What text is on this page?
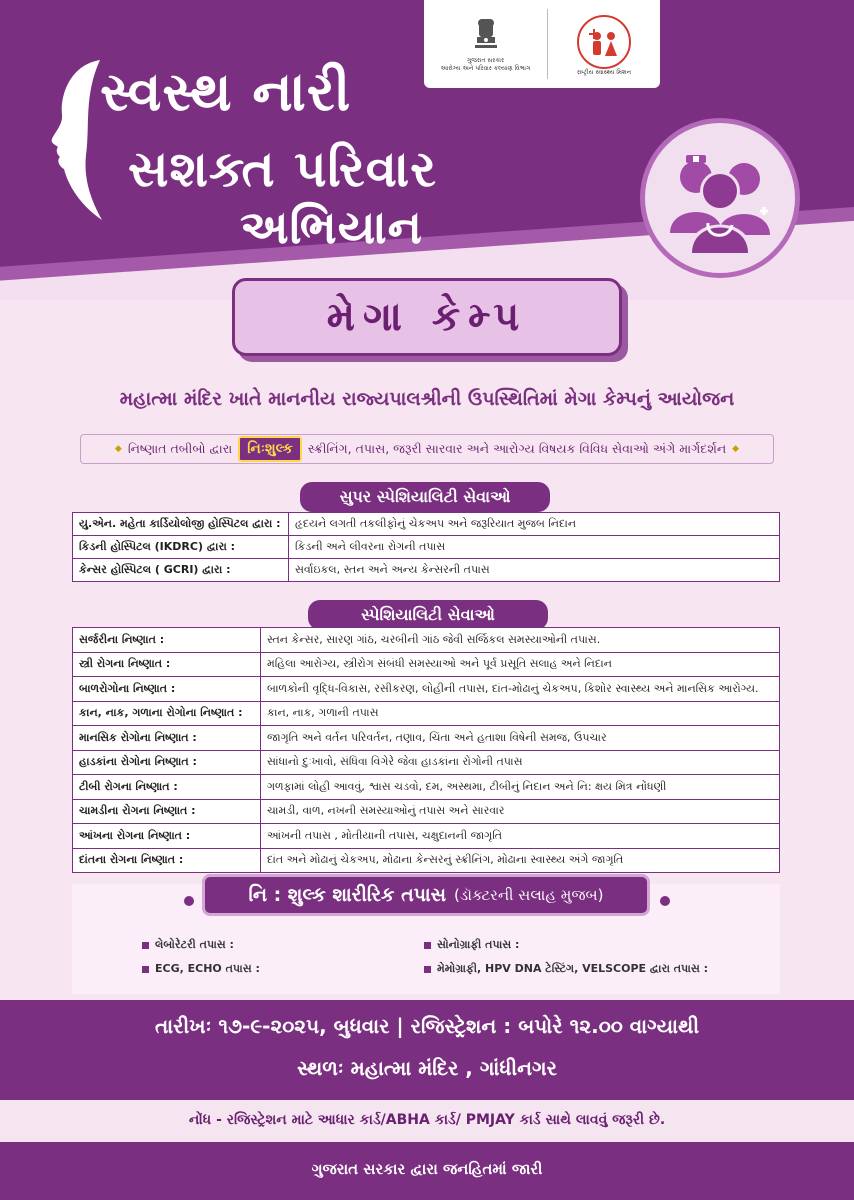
સ્વસ્થ નારી
સશક્ત પરિવાર
અભિયાન
ગુજરાત સરકાર
આરોગ્ય અને પરિવાર કલ્યાણ વિભાગ
રાષ્ટ્રીય સ્વાસ્થ્ય મિશન
મેગા કેમ્પ
મહાત્મા મંદિર ખાતે માનનીય રાજ્યપાલશ્રીની ઉપસ્થિતિમાં મેગા કેમ્પનું આયોજન
◆ નિષ્ણાત તબીબો દ્વારા	નિઃશુલ્ક	સ્ક્રીનિંગ, તપાસ, જરૂરી સારવાર અને આરોગ્ય વિષયક વિવિધ સેવાઓ અંગે માર્ગદર્શન ◆
સુપર સ્પેશિયાલિટી સેવાઓ
યુ.એન. મહેતા કાર્ડિયોલોજી હોસ્પિટલ દ્વારા :	હૃદયને લગતી તકલીફોનું ચેકઅપ અને જરૂરિયાત મુજબ નિદાન
કિડની હોસ્પિટલ (IKDRC) દ્વારા :	કિડની અને લીવરના રોગની તપાસ
કેન્સર હોસ્પિટલ ( GCRI) દ્વારા :	સર્વાઇકલ, સ્તન અને અન્ય કેન્સરની તપાસ
સ્પેશિયાલિટી સેવાઓ
સર્જરીના નિષ્ણાત :	સ્તન કેન્સર, સારણ ગાંઠ, ચરબીની ગાંઠ જેવી સર્જિકલ સમસ્યાઓની તપાસ.
સ્ત્રી રોગના નિષ્ણાત :	મહિલા આરોગ્ય, સ્ત્રીરોગ સંબંધી સમસ્યાઓ અને પૂર્વ પ્રસૂતિ સલાહ અને નિદાન
બાળરોગોના નિષ્ણાત :	બાળકોની વૃદ્ધિ-વિકાસ, રસીકરણ, લોહીની તપાસ, દાંત-મોઢાનું ચેકઅપ, કિશોર સ્વાસ્થ્ય અને માનસિક આરોગ્ય.
કાન, નાક, ગળાના રોગોના નિષ્ણાત :	કાન, નાક, ગળાની તપાસ
માનસિક રોગોના નિષ્ણાત :	જાગૃતિ અને વર્તન પરિવર્તન, તણાવ, ચિંતા અને હતાશા વિષેની સમજ, ઉપચાર
હાડકાંના રોગોના નિષ્ણાત :	સાંધાનો દુઃખાવો, સંધિવા વિગેરે જેવા હાડકાંના રોગોની તપાસ
ટીબી રોગના નિષ્ણાત :	ગળફામાં લોહી આવવું, શ્વાસ ચડવો, દમ, અસ્થમા, ટીબીનું નિદાન અને નિ: ક્ષય મિત્ર નોંધણી
ચામડીના રોગના નિષ્ણાત :	ચામડી, વાળ, નખની સમસ્યાઓનું તપાસ અને સારવાર
આંખના રોગના નિષ્ણાત :	આંખની તપાસ , મોતીયાની તપાસ, ચક્ષુદાનની જાગૃતિ
દાંતના રોગના નિષ્ણાત :	દાંત અને મોઢાનું ચેકઅપ, મોઢાના કેન્સરનું સ્ક્રીનિંગ, મોઢાના સ્વાસ્થ્ય અંગે જાગૃતિ
નિ : શુલ્ક શારીરિક તપાસ (ડૉક્ટરની સલાહ મુજબ)
લેબોરેટરી તપાસ :	સોનોગ્રાફી તપાસ :
ECG, ECHO તપાસ :	મેમોગ્રાફી, HPV DNA ટેસ્ટિંગ, VELSCOPE દ્વારા તપાસ :
તારીખઃ ૧૭-૯-૨૦૨૫, બુધવાર | રજિસ્ટ્રેશન : બપોરે ૧૨.૦૦ વાગ્યાથી
સ્થળઃ મહાત્મા મંદિર , ગાંધીનગર
નોંધ - રજિસ્ટ્રેશન માટે આધાર કાર્ડ/ABHA કાર્ડ/ PMJAY કાર્ડ સાથે લાવવું જરૂરી છે.
ગુજરાત સરકાર દ્વારા જનહિતમાં જારી
